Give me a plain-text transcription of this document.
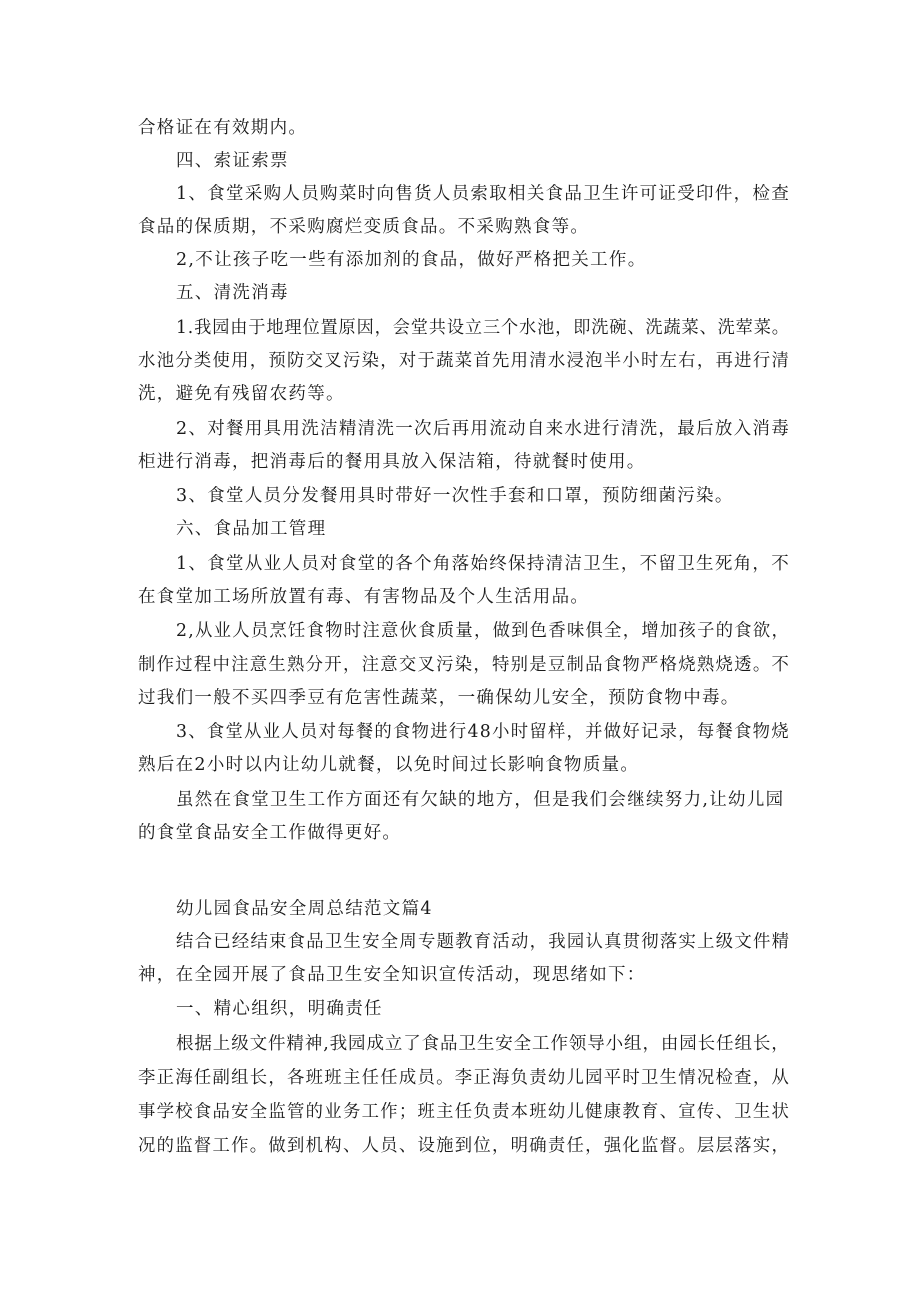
合格证在有效期内。
四、索证索票
1、食堂采购人员购菜时向售货人员索取相关食品卫生许可证受印件，检查
食品的保质期，不采购腐烂变质食品。不采购熟食等。
2,不让孩子吃一些有添加剂的食品，做好严格把关工作。
五、清洗消毒
1.我园由于地理位置原因，会堂共设立三个水池，即洗碗、洗蔬菜、洗荤菜。
水池分类使用，预防交叉污染，对于蔬菜首先用清水浸泡半小时左右，再进行清
洗，避免有残留农药等。
2、对餐用具用洗洁精清洗一次后再用流动自来水进行清洗，最后放入消毒
柜进行消毒，把消毒后的餐用具放入保洁箱，待就餐时使用。
3、食堂人员分发餐用具时带好一次性手套和口罩，预防细菌污染。
六、食品加工管理
1、食堂从业人员对食堂的各个角落始终保持清洁卫生，不留卫生死角，不
在食堂加工场所放置有毒、有害物品及个人生活用品。
2,从业人员烹饪食物时注意伙食质量，做到色香味俱全，增加孩子的食欲，
制作过程中注意生熟分开，注意交叉污染，特别是豆制品食物严格烧熟烧透。不
过我们一般不买四季豆有危害性蔬菜，一确保幼儿安全，预防食物中毒。
3、食堂从业人员对每餐的食物进行48小时留样，并做好记录，每餐食物烧
熟后在2小时以内让幼儿就餐，以免时间过长影响食物质量。
虽然在食堂卫生工作方面还有欠缺的地方，但是我们会继续努力,让幼儿园
的食堂食品安全工作做得更好。
幼儿园食品安全周总结范文篇4
结合已经结束食品卫生安全周专题教育活动，我园认真贯彻落实上级文件精
神，在全园开展了食品卫生安全知识宣传活动，现思绪如下：
一、精心组织，明确责任
根据上级文件精神,我园成立了食品卫生安全工作领导小组，由园长任组长，
李正海任副组长，各班班主任任成员。李正海负责幼儿园平时卫生情况检查，从
事学校食品安全监管的业务工作；班主任负责本班幼儿健康教育、宣传、卫生状
况的监督工作。做到机构、人员、设施到位，明确责任，强化监督。层层落实，
